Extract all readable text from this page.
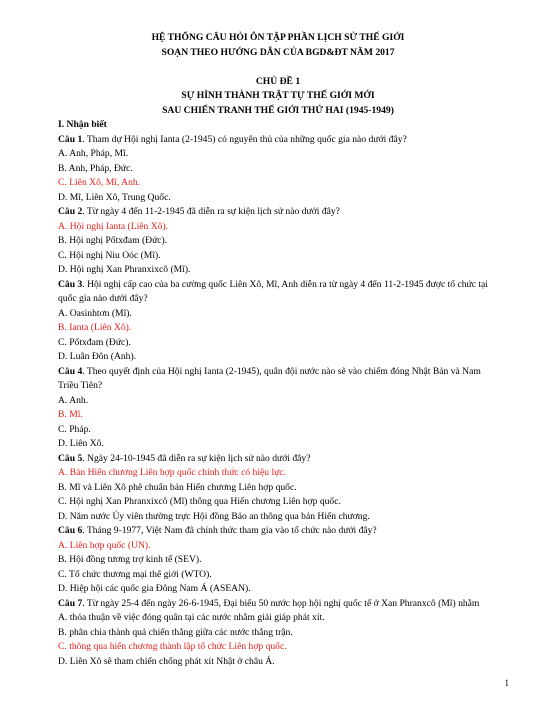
HỆ THỐNG CÂU HỎI ÔN TẬP PHẦN LỊCH SỬ THẾ GIỚI
SOẠN THEO HƯỚNG DẪN CỦA BGD&ĐT NĂM 2017
CHỦ ĐỀ 1
SỰ HÌNH THÀNH TRẬT TỰ THẾ GIỚI MỚI
SAU CHIẾN TRANH THẾ GIỚI THỨ HAI (1945-1949)
I. Nhận biết
Câu 1. Tham dự Hội nghị Ianta (2-1945) có nguyên thủ của những quốc gia nào dưới đây?
A. Anh, Pháp, Mĩ.
B. Anh, Pháp, Đức.
C. Liên Xô, Mĩ, Anh.
D. Mĩ, Liên Xô, Trung Quốc.
Câu 2. Từ ngày 4 đến 11-2-1945 đã diễn ra sự kiện lịch sử nào dưới đây?
A. Hội nghị Ianta (Liên Xô).
B. Hội nghị Pốtxđam (Đức).
C. Hội nghị Niu Oóc (Mĩ).
D. Hội nghị Xan Phranxixcô (Mĩ).
Câu 3. Hội nghị cấp cao của ba cường quốc Liên Xô, Mĩ, Anh diễn ra từ ngày 4 đến 11-2-1945 được tổ chức tại quốc gia nào dưới đây?
A. Oasinhtơn (Mĩ).
B. Ianta (Liên Xô).
C. Pốtxđam (Đức).
D. Luân Đôn (Anh).
Câu 4. Theo quyết định của Hội nghị Ianta (2-1945), quân đội nước nào sẽ vào chiếm đóng Nhật Bản và Nam Triều Tiên?
A. Anh.
B. Mĩ.
C. Pháp.
D. Liên Xô.
Câu 5. Ngày 24-10-1945 đã diễn ra sự kiện lịch sử nào dưới đây?
A. Bản Hiến chương Liên hợp quốc chính thức có hiệu lực.
B. Mĩ và Liên Xô phê chuẩn bản Hiến chương Liên hợp quốc.
C. Hội nghị Xan Phranxixcô (Mĩ) thông qua Hiến chương Liên hợp quốc.
D. Năm nước Ủy viên thường trực Hội đồng Bảo an thông qua bản Hiến chương.
Câu 6. Tháng 9-1977, Việt Nam đã chính thức tham gia vào tổ chức nào dưới đây?
A. Liên hợp quốc (UN).
B. Hội đồng tương trợ kinh tế (SEV).
C. Tổ chức thương mại thế giới (WTO).
D. Hiệp hội các quốc gia Đông Nam Á (ASEAN).
Câu 7. Từ ngày 25-4 đến ngày 26-6-1945, Đại biểu 50 nước họp hội nghị quốc tế ở Xan Phranxcô (Mĩ) nhằm
A. thỏa thuận về việc đóng quân tại các nước nhằm giải giáp phát xít.
B. phân chia thành quả chiến thắng giữa các nước thắng trận.
C. thông qua hiến chương thành lập tổ chức Liên hợp quốc.
D. Liên Xô sẽ tham chiến chống phát xít Nhật ở châu Á.
1
